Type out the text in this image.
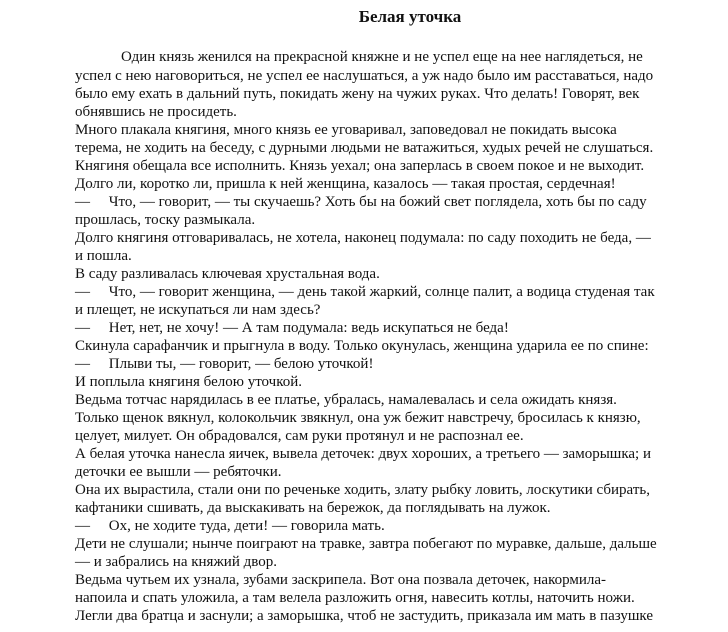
Белая уточка
Один князь женился на прекрасной княжне и не успел еще на нее наглядеться, не
успел с нею наговориться, не успел ее наслушаться, а уж надо было им расставаться, надо
было ему ехать в дальний путь, покидать жену на чужих руках. Что делать! Говорят, век
обнявшись не просидеть.
Много плакала княгиня, много князь ее уговаривал, заповедовал не покидать высока
терема, не ходить на беседу, с дурными людьми не ватажиться, худых речей не слушаться.
Княгиня обещала все исполнить. Князь уехал; она заперлась в своем покое и не выходит.
Долго ли, коротко ли, пришла к ней женщина, казалось — такая простая, сердечная!
—     Что, — говорит, — ты скучаешь? Хоть бы на божий свет поглядела, хоть бы по саду
прошлась, тоску размыкала.
Долго княгиня отговаривалась, не хотела, наконец подумала: по саду походить не беда, —
и пошла.
В саду разливалась ключевая хрустальная вода.
—     Что, — говорит женщина, — день такой жаркий, солнце палит, а водица студеная так
и плещет, не искупаться ли нам здесь?
—     Нет, нет, не хочу! — А там подумала: ведь искупаться не беда!
Скинула сарафанчик и прыгнула в воду. Только окунулась, женщина ударила ее по спине:
—     Плыви ты, — говорит, — белою уточкой!
И поплыла княгиня белою уточкой.
Ведьма тотчас нарядилась в ее платье, убралась, намалевалась и села ожидать князя.
Только щенок вякнул, колокольчик звякнул, она уж бежит навстречу, бросилась к князю,
целует, милует. Он обрадовался, сам руки протянул и не распознал ее.
А белая уточка нанесла яичек, вывела деточек: двух хороших, а третьего — заморышка; и
деточки ее вышли — ребяточки.
Она их вырастила, стали они по реченьке ходить, злату рыбку ловить, лоскутики сбирать,
кафтаники сшивать, да выскакивать на бережок, да поглядывать на лужок.
—     Ох, не ходите туда, дети! — говорила мать.
Дети не слушали; нынче поиграют на травке, завтра побегают по муравке, дальше, дальше
— и забрались на княжий двор.
Ведьма чутьем их узнала, зубами заскрипела. Вот она позвала деточек, накормила-
напоила и спать уложила, а там велела разложить огня, навесить котлы, наточить ножи.
Легли два братца и заснули; а заморышка, чтоб не застудить, приказала им мать в пазушке
